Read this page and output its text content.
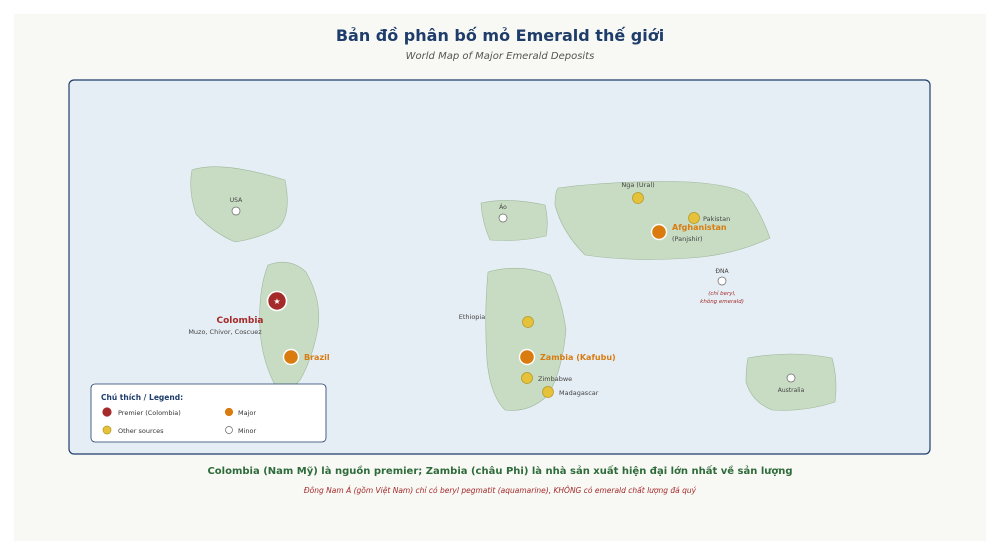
Bản đồ phân bố mỏ Emerald thế giới
World Map of Major Emerald Deposits
USA
★
Colombia
Muzo, Chivor, Coscuez
Brazil
Áo
Nga (Ural)
Pakistan
Afghanistan
(Panjshir)
ĐNA
(chỉ beryl,
không emerald)
Ethiopia
Zambia (Kafubu)
Zimbabwe
Madagascar	Australia
Chú thích / Legend:
Premier (Colombia)	Major
Other sources	Minor
Colombia (Nam Mỹ) là nguồn premier; Zambia (châu Phi) là nhà sản xuất hiện đại lớn nhất về sản lượng
Đông Nam Á (gồm Việt Nam) chỉ có beryl pegmatit (aquamarine), KHÔNG có emerald chất lượng đá quý
